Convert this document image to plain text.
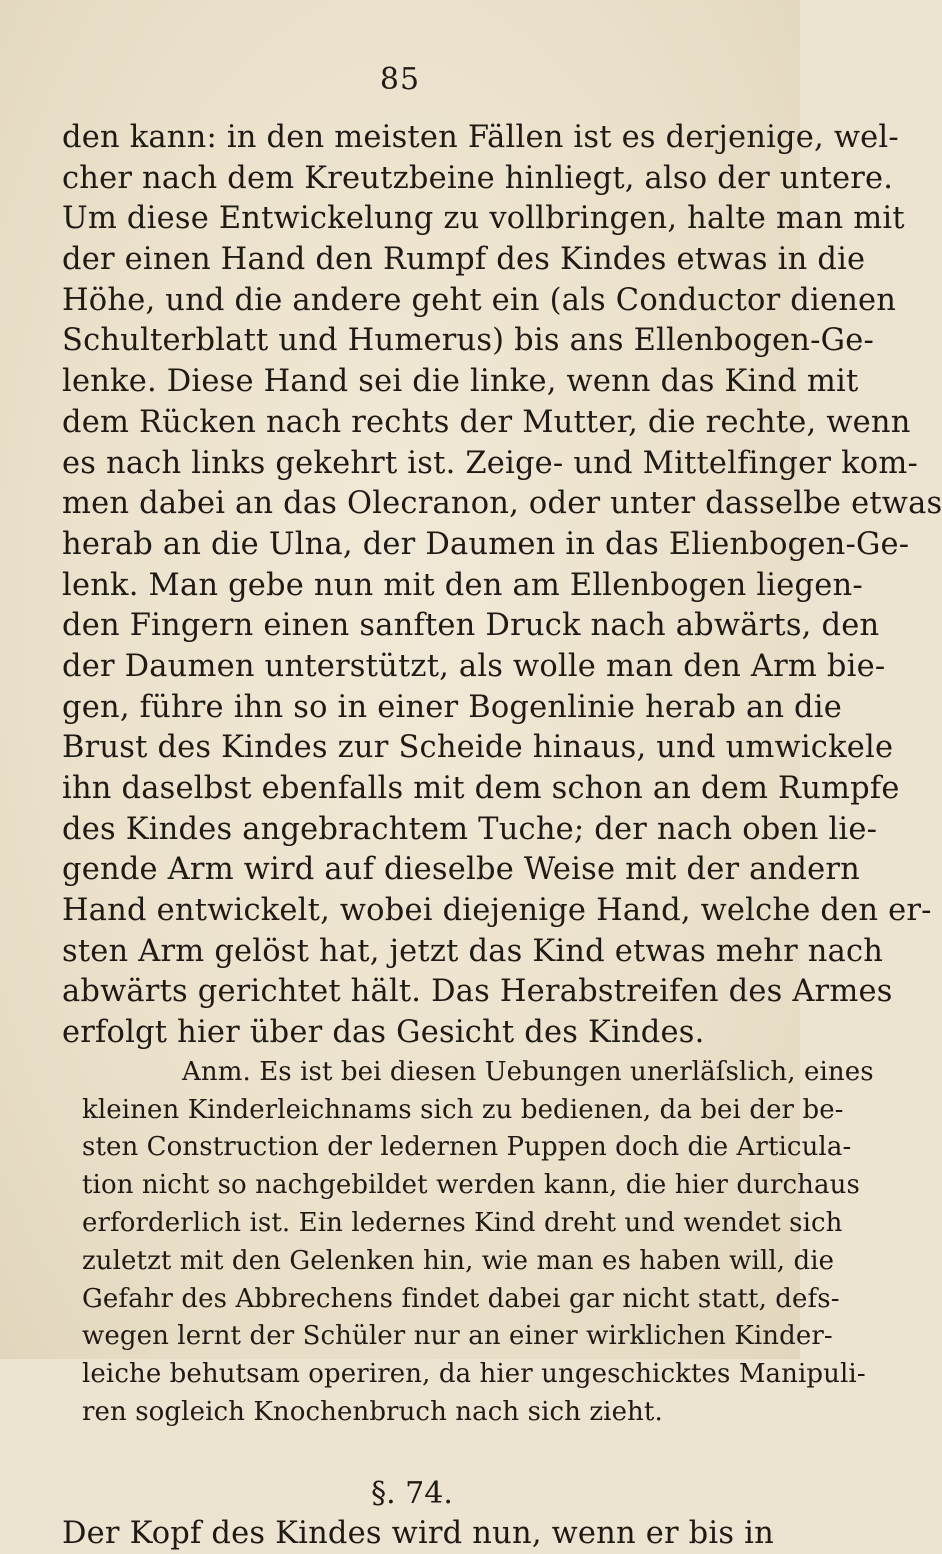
85
den kann: in den meisten Fällen ist es derjenige, wel-
cher nach dem Kreutzbeine hinliegt, also der untere.
Um diese Entwickelung zu vollbringen, halte man mit
der einen Hand den Rumpf des Kindes etwas in die
Höhe, und die andere geht ein (als Conductor dienen
Schulterblatt und Humerus) bis ans Ellenbogen-Ge-
lenke. Diese Hand sei die linke, wenn das Kind mit
dem Rücken nach rechts der Mutter, die rechte, wenn
es nach links gekehrt ist. Zeige- und Mittelfinger kom-
men dabei an das Olecranon, oder unter dasselbe etwas
herab an die Ulna, der Daumen in das Elienbogen-Ge-
lenk. Man gebe nun mit den am Ellenbogen liegen-
den Fingern einen sanften Druck nach abwärts, den
der Daumen unterstützt, als wolle man den Arm bie-
gen, führe ihn so in einer Bogenlinie herab an die
Brust des Kindes zur Scheide hinaus, und umwickele
ihn daselbst ebenfalls mit dem schon an dem Rumpfe
des Kindes angebrachtem Tuche; der nach oben lie-
gende Arm wird auf dieselbe Weise mit der andern
Hand entwickelt, wobei diejenige Hand, welche den er-
sten Arm gelöst hat, jetzt das Kind etwas mehr nach
abwärts gerichtet hält. Das Herabstreifen des Armes
erfolgt hier über das Gesicht des Kindes.
Anm. Es ist bei diesen Uebungen unerläſslich, eines
kleinen Kinderleichnams sich zu bedienen, da bei der be-
sten Construction der ledernen Puppen doch die Articula-
tion nicht so nachgebildet werden kann, die hier durchaus
erforderlich ist. Ein ledernes Kind dreht und wendet sich
zuletzt mit den Gelenken hin, wie man es haben will, die
Gefahr des Abbrechens findet dabei gar nicht statt, defs-
wegen lernt der Schüler nur an einer wirklichen Kinder-
leiche behutsam operiren, da hier ungeschicktes Manipuli-
ren sogleich Knochenbruch nach sich zieht.
§. 74.
Der Kopf des Kindes wird nun, wenn er bis in
